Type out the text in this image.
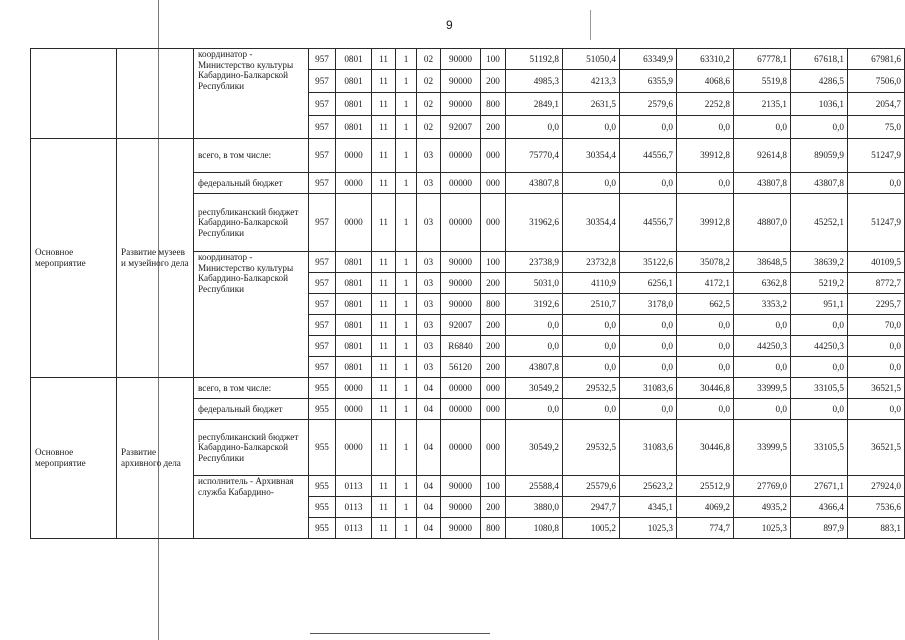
9
		координатор - Министерство культуры Кабардино-Балкарской Республики	957	0801	11	1	02	90000	100	51192,8	51050,4	63349,9	63310,2	67778,1	67618,1	67981,6
			957	0801	11	1	02	90000	200	4985,3	4213,3	6355,9	4068,6	5519,8	4286,5	7506,0
			957	0801	11	1	02	90000	800	2849,1	2631,5	2579,6	2252,8	2135,1	1036,1	2054,7
			957	0801	11	1	02	92007	200	0,0	0,0	0,0	0,0	0,0	0,0	75,0
Основное мероприятие	Развитие музеев и музейного дела	всего, в том числе:	957	0000	11	1	03	00000	000	75770,4	30354,4	44556,7	39912,8	92614,8	89059,9	51247,9
		федеральный бюджет	957	0000	11	1	03	00000	000	43807,8	0,0	0,0	0,0	43807,8	43807,8	0,0
		республиканский бюджет Кабардино-Балкарской Республики	957	0000	11	1	03	00000	000	31962,6	30354,4	44556,7	39912,8	48807,0	45252,1	51247,9
		координатор - Министерство культуры Кабардино-Балкарской Республики	957	0801	11	1	03	90000	100	23738,9	23732,8	35122,6	35078,2	38648,5	38639,2	40109,5
			957	0801	11	1	03	90000	200	5031,0	4110,9	6256,1	4172,1	6362,8	5219,2	8772,7
			957	0801	11	1	03	90000	800	3192,6	2510,7	3178,0	662,5	3353,2	951,1	2295,7
			957	0801	11	1	03	92007	200	0,0	0,0	0,0	0,0	0,0	0,0	70,0
			957	0801	11	1	03	R6840	200	0,0	0,0	0,0	0,0	44250,3	44250,3	0,0
			957	0801	11	1	03	56120	200	43807,8	0,0	0,0	0,0	0,0	0,0	0,0
Основное мероприятие	Развитие архивного дела	всего, в том числе:	955	0000	11	1	04	00000	000	30549,2	29532,5	31083,6	30446,8	33999,5	33105,5	36521,5
		федеральный бюджет	955	0000	11	1	04	00000	000	0,0	0,0	0,0	0,0	0,0	0,0	0,0
		республиканский бюджет Кабардино-Балкарской Республики	955	0000	11	1	04	00000	000	30549,2	29532,5	31083,6	30446,8	33999,5	33105,5	36521,5
		исполнитель - Архивная служба Кабардино-	955	0113	11	1	04	90000	100	25588,4	25579,6	25623,2	25512,9	27769,0	27671,1	27924,0
			955	0113	11	1	04	90000	200	3880,0	2947,7	4345,1	4069,2	4935,2	4366,4	7536,6
			955	0113	11	1	04	90000	800	1080,8	1005,2	1025,3	774,7	1025,3	897,9	883,1
